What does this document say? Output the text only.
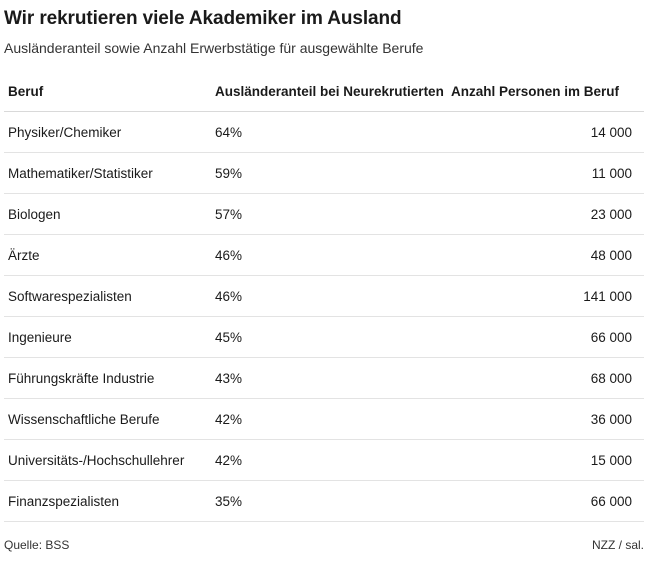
Wir rekrutieren viele Akademiker im Ausland
Ausländeranteil sowie Anzahl Erwerbstätige für ausgewählte Berufe
Beruf	Ausländeranteil bei Neurekrutierten	Anzahl Personen im Beruf
Physiker/Chemiker	64%	14 000
Mathematiker/Statistiker	59%	11 000
Biologen	57%	23 000
Ärzte	46%	48 000
Softwarespezialisten	46%	141 000
Ingenieure	45%	66 000
Führungskräfte Industrie	43%	68 000
Wissenschaftliche Berufe	42%	36 000
Universitäts-/Hochschullehrer	42%	15 000
Finanzspezialisten	35%	66 000
Quelle: BSS	NZZ / sal.
